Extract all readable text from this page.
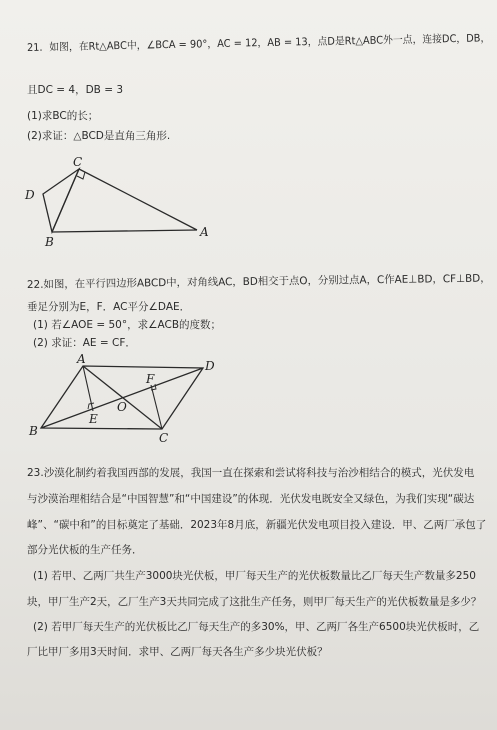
21．如图，在Rt△ABC中，∠BCA = 90°，AC = 12，AB = 13，点D是Rt△ABC外一点，连接DC，DB，
且DC = 4，DB = 3
(1)求BC的长；
(2)求证：△BCD是直角三角形.
C
D
B
A
22.如图，在平行四边形ABCD中，对角线AC，BD相交于点O，分别过点A，C作AE⊥BD，CF⊥BD，
垂足分别为E，F．AC平分∠DAE．
(1) 若∠AOE = 50°，求∠ACB的度数；
(2) 求证：AE = CF．
A	D
B	C
O
E
F
23.沙漠化制约着我国西部的发展，我国一直在探索和尝试将科技与治沙相结合的模式，光伏发电
与沙漠治理相结合是“中国智慧”和“中国建设”的体现．光伏发电既安全又绿色，为我们实现“碳达
峰”、“碳中和”的目标奠定了基础．2023年8月底，新疆光伏发电项目投入建设．甲、乙两厂承包了
部分光伏板的生产任务．
(1) 若甲、乙两厂共生产3000块光伏板，甲厂每天生产的光伏板数量比乙厂每天生产数量多250
块，甲厂生产2天，乙厂生产3天共同完成了这批生产任务，则甲厂每天生产的光伏板数量是多少？
(2) 若甲厂每天生产的光伏板比乙厂每天生产的多30%，甲、乙两厂各生产6500块光伏板时，乙
厂比甲厂多用3天时间．求甲、乙两厂每天各生产多少块光伏板？
